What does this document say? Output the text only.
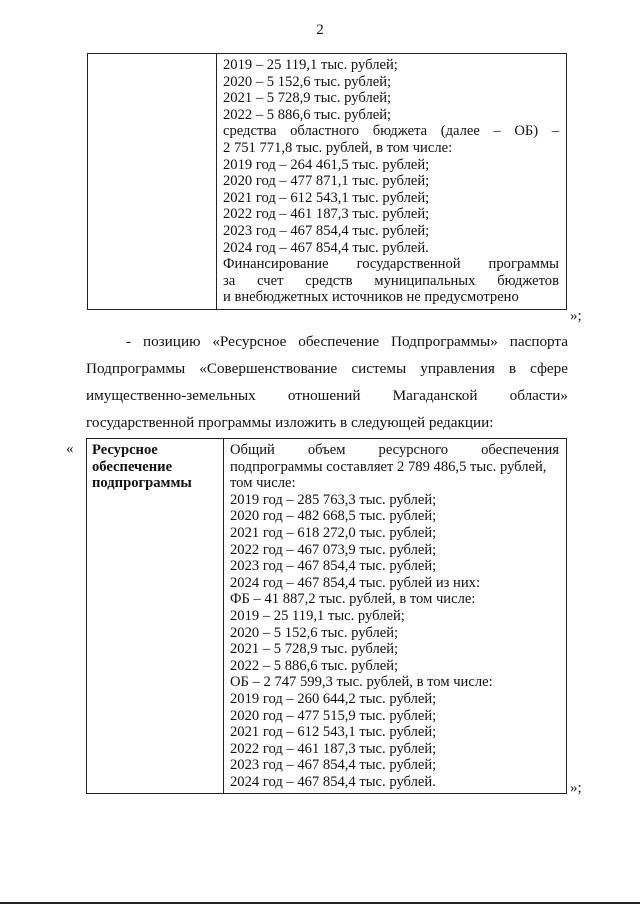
2

2019 – 25 119,1 тыс. рублей;
2020 – 5 152,6 тыс. рублей;
2021 – 5 728,9 тыс. рублей;
2022 – 5 886,6 тыс. рублей;
средства областного бюджета (далее – ОБ) –
2 751 771,8 тыс. рублей, в том числе:
2019 год – 264 461,5 тыс. рублей;
2020 год – 477 871,1 тыс. рублей;
2021 год – 612 543,1 тыс. рублей;
2022 год – 461 187,3 тыс. рублей;
2023 год – 467 854,4 тыс. рублей;
2024 год – 467 854,4 тыс. рублей.
Финансирование государственной программы
за счет средств муниципальных бюджетов
и внебюджетных источников не предусмотрено
»;
- позицию «Ресурсное обеспечение Подпрограммы» паспорта
Подпрограммы «Совершенствование системы управления в сфере
имущественно-земельных отношений Магаданской области»
государственной программы изложить в следующей редакции:
« Ресурсное
обеспечение
подпрограммы

Общий объем ресурсного обеспечения
подпрограммы составляет 2 789 486,5 тыс. рублей,
том числе:
2019 год – 285 763,3 тыс. рублей;
2020 год – 482 668,5 тыс. рублей;
2021 год – 618 272,0 тыс. рублей;
2022 год – 467 073,9 тыс. рублей;
2023 год – 467 854,4 тыс. рублей;
2024 год – 467 854,4 тыс. рублей из них:
ФБ – 41 887,2 тыс. рублей, в том числе:
2019 – 25 119,1 тыс. рублей;
2020 – 5 152,6 тыс. рублей;
2021 – 5 728,9 тыс. рублей;
2022 – 5 886,6 тыс. рублей;
ОБ – 2 747 599,3 тыс. рублей, в том числе:
2019 год – 260 644,2 тыс. рублей;
2020 год – 477 515,9 тыс. рублей;
2021 год – 612 543,1 тыс. рублей;
2022 год – 461 187,3 тыс. рублей;
2023 год – 467 854,4 тыс. рублей;
2024 год – 467 854,4 тыс. рублей.	»;
